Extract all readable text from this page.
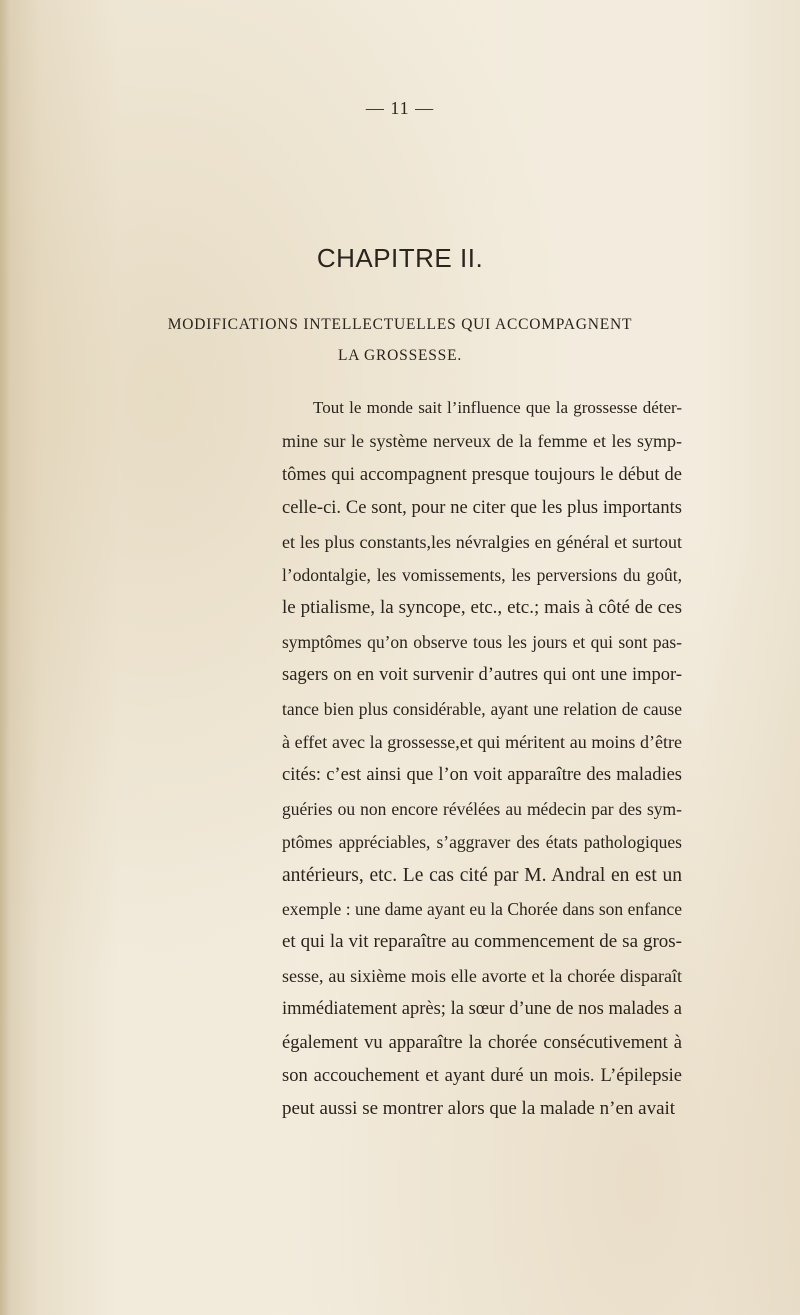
— 11 —
CHAPITRE II.
MODIFICATIONS INTELLECTUELLES QUI ACCOMPAGNENT
LA GROSSESSE.
Tout le monde sait l’influence que la grossesse déter-
mine sur le système nerveux de la femme et les symp-
tômes qui accompagnent presque toujours le début de
celle-ci. Ce sont, pour ne citer que les plus importants
et les plus constants,les névralgies en général et surtout
l’odontalgie, les vomissements, les perversions du goût,
le ptialisme, la syncope, etc., etc.; mais à côté de ces
symptômes qu’on observe tous les jours et qui sont pas-
sagers on en voit survenir d’autres qui ont une impor-
tance bien plus considérable, ayant une relation de cause
à effet avec la grossesse,et qui méritent au moins d’être
cités: c’est ainsi que l’on voit apparaître des maladies
guéries ou non encore révélées au médecin par des sym-
ptômes appréciables, s’aggraver des états pathologiques
antérieurs, etc. Le cas cité par M. Andral en est un
exemple : une dame ayant eu la Chorée dans son enfance
et qui la vit reparaître au commencement de sa gros-
sesse, au sixième mois elle avorte et la chorée disparaît
immédiatement après; la sœur d’une de nos malades a
également vu apparaître la chorée consécutivement à
son accouchement et ayant duré un mois. L’épilepsie
peut aussi se montrer alors que la malade n’en avait
